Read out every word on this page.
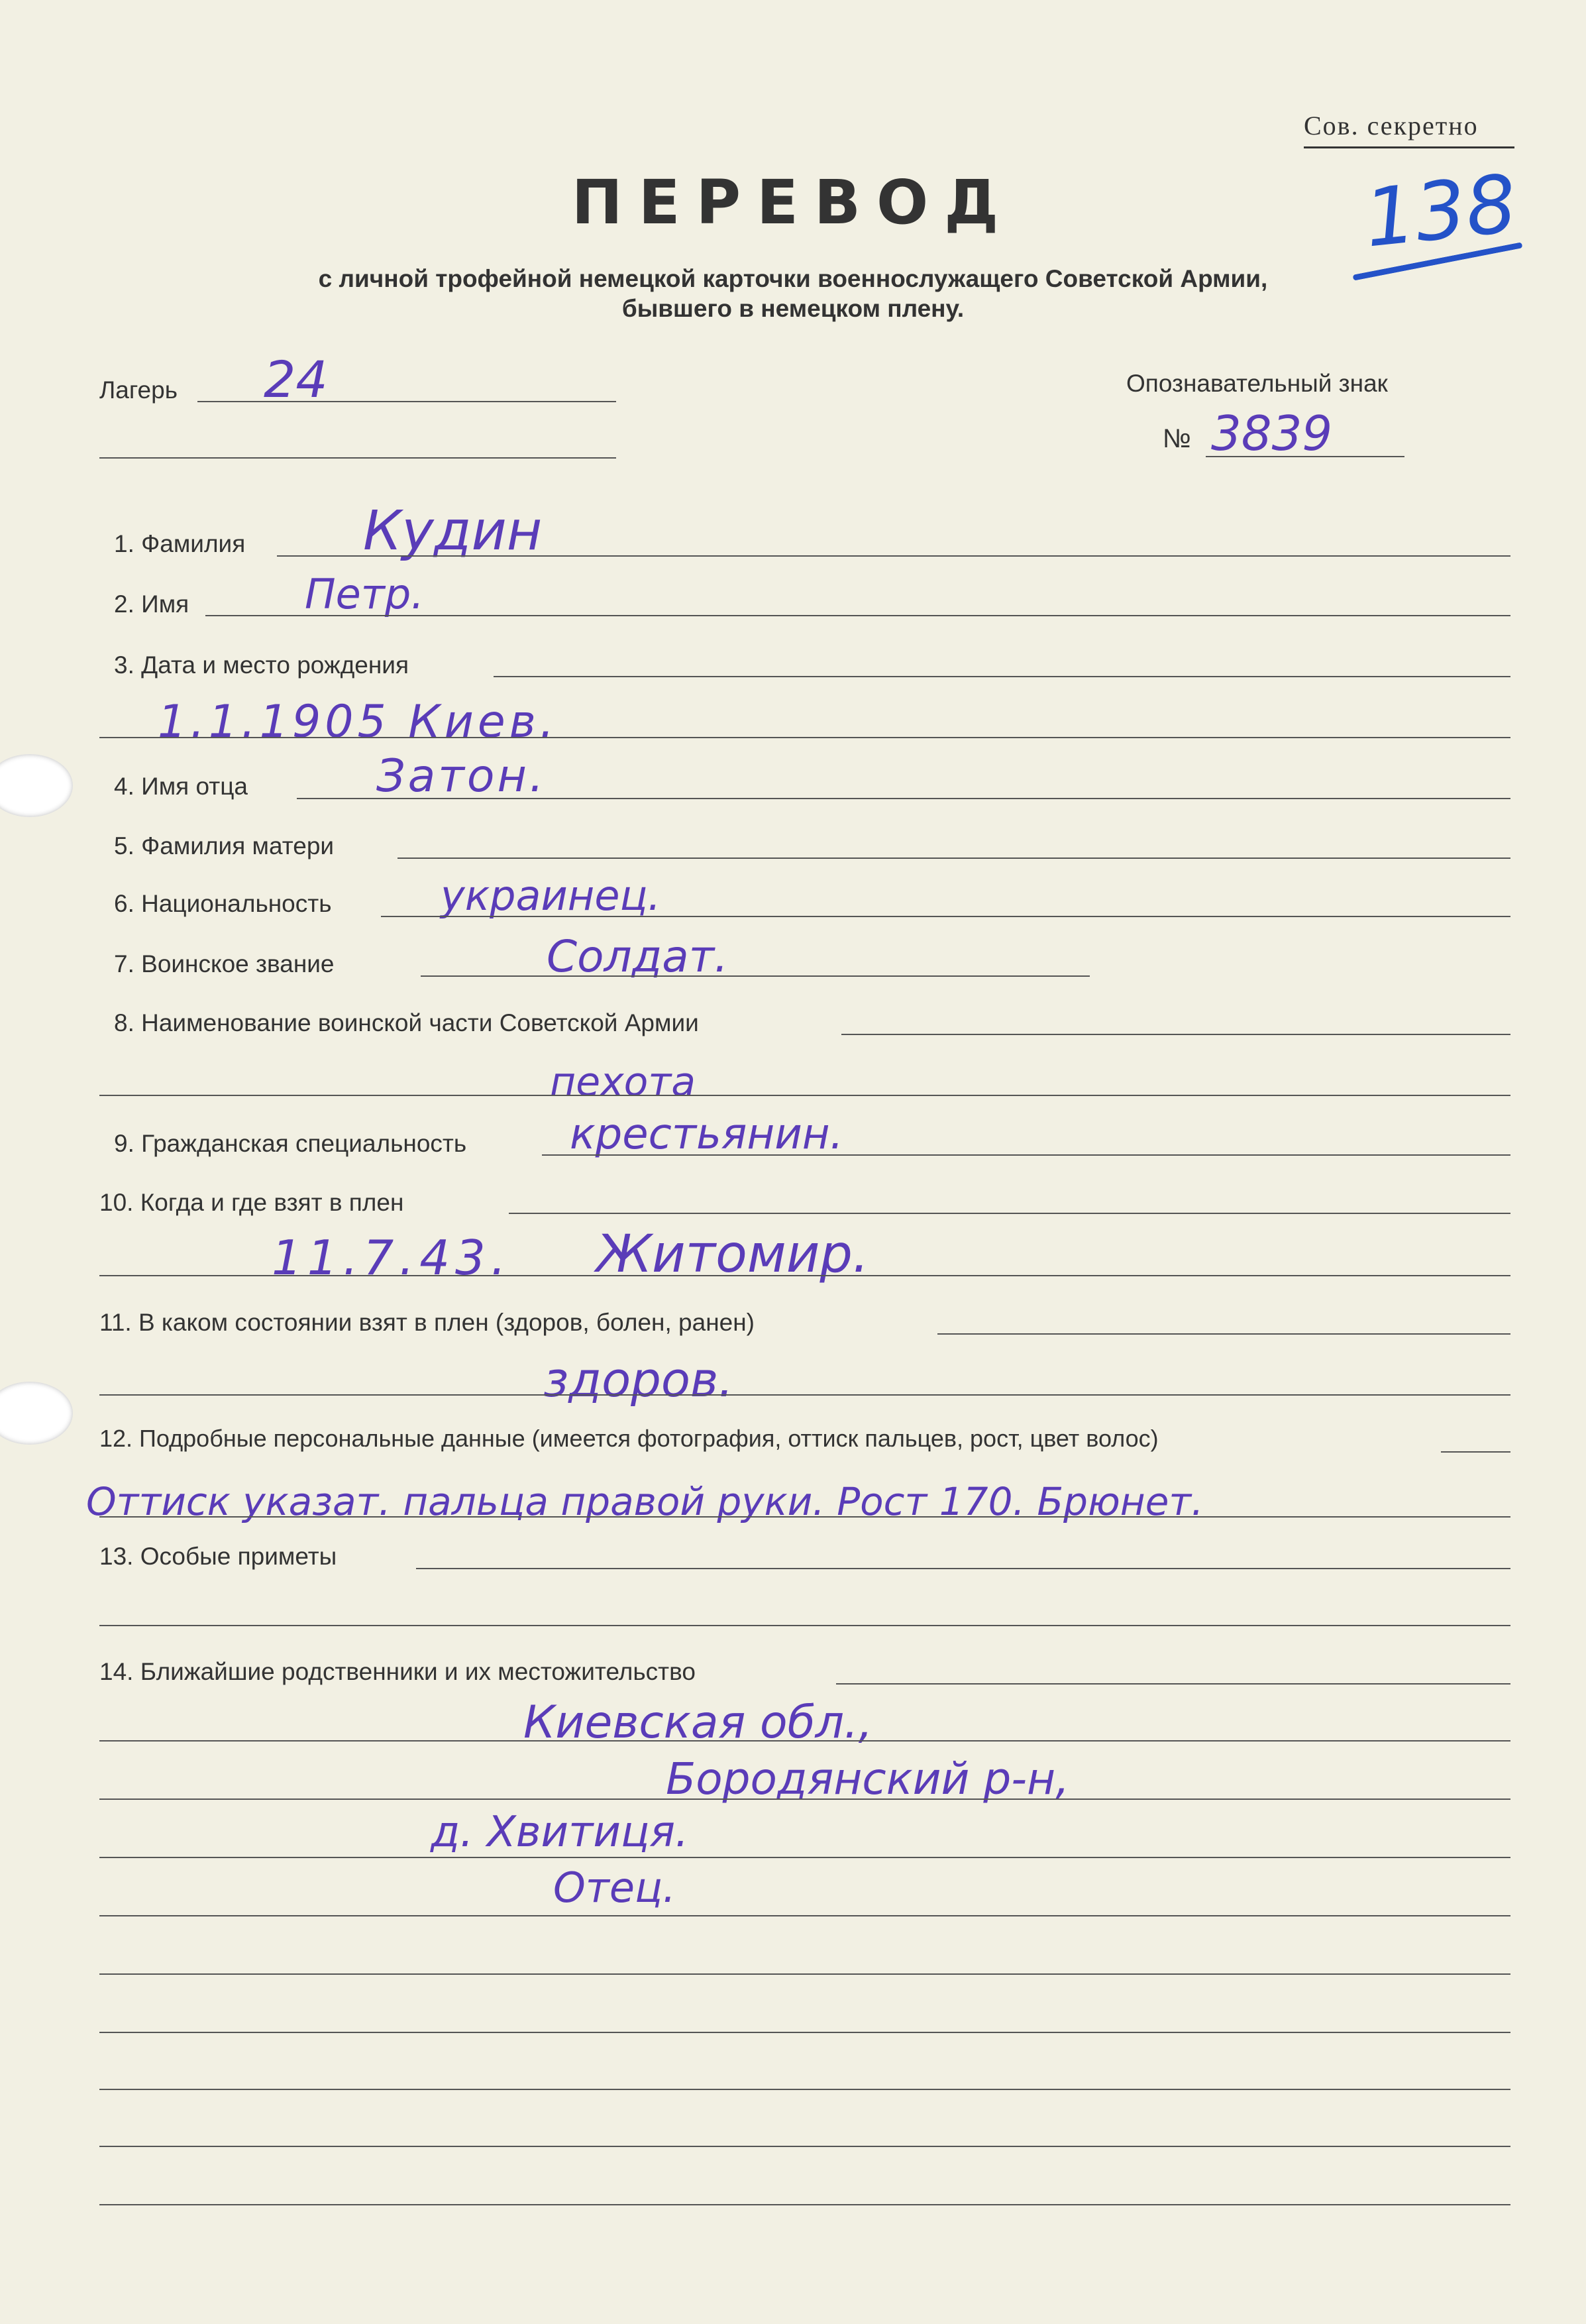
Сов. секретно
138
ПЕРЕВОД
с личной трофейной немецкой карточки военнослужащего Советской Армии,
бывшего в немецком плену.
Лагерь 24	Опознавательный знак
№ 3839
1. Фамилия Кудин
2. Имя	Петр.
3. Дата и место рождения
1.1.1905 Киев.
4. Имя отца	Затон.
5. Фамилия матери
6. Национальность	украинец.
7. Воинское звание	Солдат.
8. Наименование воинской части Советской Армии
пехота
9. Гражданская специальность крестьянин.
10. Когда и где взят в плен
11.7.43. Житомир.
11. В каком состоянии взят в плен (здоров, болен, ранен)
здоров.
12. Подробные персональные данные (имеется фотография, оттиск пальцев, рост, цвет волос)
Оттиск указат. пальца правой руки. Рост 170. Брюнет.
13. Особые приметы
14. Ближайшие родственники и их местожительство
Киевская обл.,
Бородянский р-н,
д. Хвитиця.
Отец.
